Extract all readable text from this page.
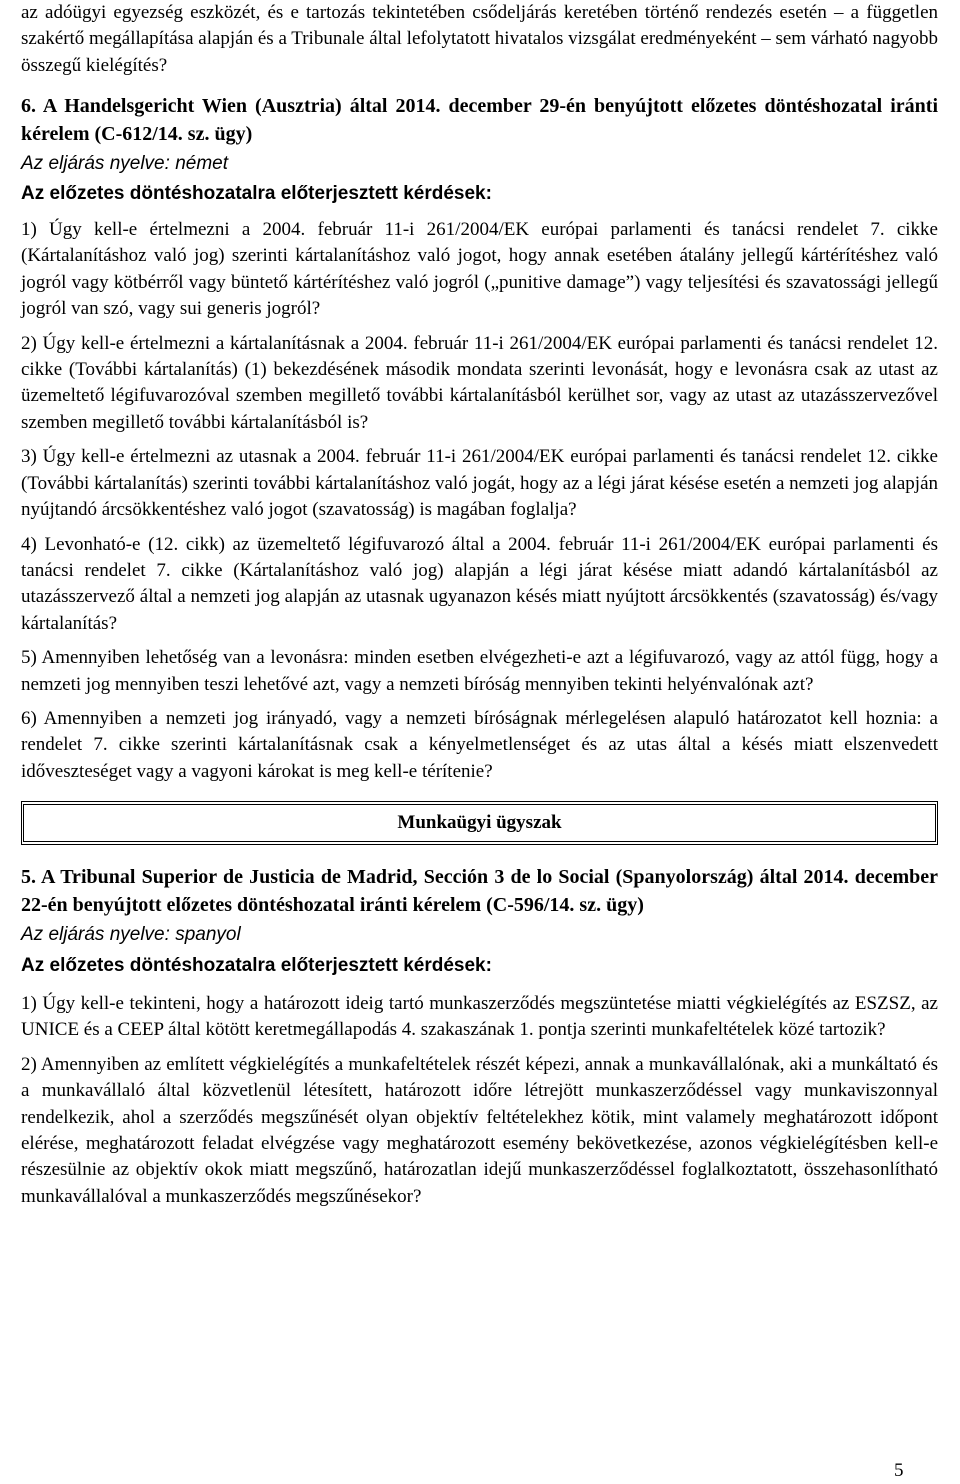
az adóügyi egyezség eszközét, és e tartozás tekintetében csődeljárás keretében történő rendezés esetén – a független szakértő megállapítása alapján és a Tribunale által lefolytatott hivatalos vizsgálat eredményeként – sem várható nagyobb összegű kielégítés?

6. A Handelsgericht Wien (Ausztria) által 2014. december 29-én benyújtott előzetes döntéshozatal iránti kérelem (C-612/14. sz. ügy)

Az eljárás nyelve: német

Az előzetes döntéshozatalra előterjesztett kérdések:

1) Úgy kell-e értelmezni a 2004. február 11-i 261/2004/EK európai parlamenti és tanácsi rendelet 7. cikke (Kártalanításhoz való jog) szerinti kártalanításhoz való jogot, hogy annak esetében átalány jellegű kártérítéshez való jogról vagy kötbérről vagy büntető kártérítéshez való jogról („punitive damage”) vagy teljesítési és szavatossági jellegű jogról van szó, vagy sui generis jogról?

2) Úgy kell-e értelmezni a kártalanításnak a 2004. február 11-i 261/2004/EK európai parlamenti és tanácsi rendelet 12. cikke (További kártalanítás) (1) bekezdésének második mondata szerinti levonását, hogy e levonásra csak az utast az üzemeltető légifuvarozóval szemben megillető további kártalanításból kerülhet sor, vagy az utast az utazásszervezővel szemben megillető további kártalanításból is?

3) Úgy kell-e értelmezni az utasnak a 2004. február 11-i 261/2004/EK európai parlamenti és tanácsi rendelet 12. cikke (További kártalanítás) szerinti további kártalanításhoz való jogát, hogy az a légi járat késése esetén a nemzeti jog alapján nyújtandó árcsökkentéshez való jogot (szavatosság) is magában foglalja?

4) Levonható-e (12. cikk) az üzemeltető légifuvarozó által a 2004. február 11-i 261/2004/EK európai parlamenti és tanácsi rendelet 7. cikke (Kártalanításhoz való jog) alapján a légi járat késése miatt adandó kártalanításból az utazásszervező által a nemzeti jog alapján az utasnak ugyanazon késés miatt nyújtott árcsökkentés (szavatosság) és/vagy kártalanítás?

5) Amennyiben lehetőség van a levonásra: minden esetben elvégezheti-e azt a légifuvarozó, vagy az attól függ, hogy a nemzeti jog mennyiben teszi lehetővé azt, vagy a nemzeti bíróság mennyiben tekinti helyénvalónak azt?

6) Amennyiben a nemzeti jog irányadó, vagy a nemzeti bíróságnak mérlegelésen alapuló határozatot kell hoznia: a rendelet 7. cikke szerinti kártalanításnak csak a kényelmetlenséget és az utas által a késés miatt elszenvedett időveszteséget vagy a vagyoni károkat is meg kell-e térítenie?

Munkaügyi ügyszak

5. A Tribunal Superior de Justicia de Madrid, Sección 3 de lo Social (Spanyolország) által 2014. december 22-én benyújtott előzetes döntéshozatal iránti kérelem (C-596/14. sz. ügy)

Az eljárás nyelve: spanyol

Az előzetes döntéshozatalra előterjesztett kérdések:

1) Úgy kell-e tekinteni, hogy a határozott ideig tartó munkaszerződés megszüntetése miatti végkielégítés az ESZSZ, az UNICE és a CEEP által kötött keretmegállapodás 4. szakaszának 1. pontja szerinti munkafeltételek közé tartozik?

2) Amennyiben az említett végkielégítés a munkafeltételek részét képezi, annak a munkavállalónak, aki a munkáltató és a munkavállaló által közvetlenül létesített, határozott időre létrejött munkaszerződéssel vagy munkaviszonnyal rendelkezik, ahol a szerződés megszűnését olyan objektív feltételekhez kötik, mint valamely meghatározott időpont elérése, meghatározott feladat elvégzése vagy meghatározott esemény bekövetkezése, azonos végkielégítésben kell-e részesülnie az objektív okok miatt megszűnő, határozatlan idejű munkaszerződéssel foglalkoztatott, összehasonlítható munkavállalóval a munkaszerződés megszűnésekor?

5
